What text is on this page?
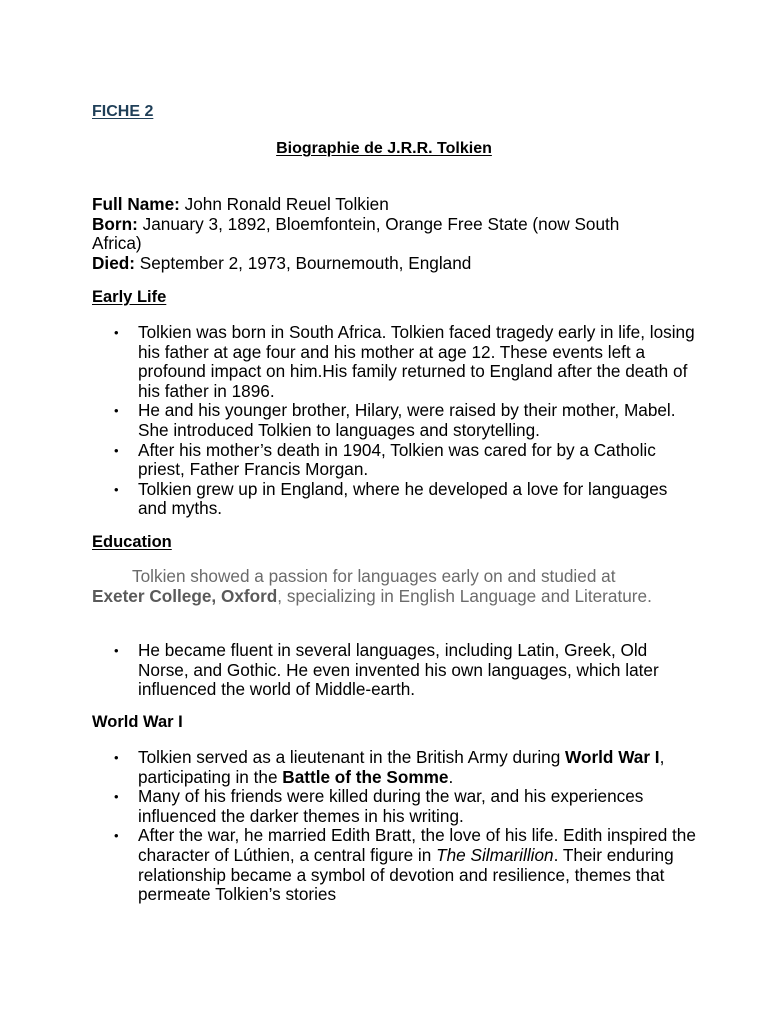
FICHE 2
Biographie de J.R.R. Tolkien
Full Name: John Ronald Reuel Tolkien
Born: January 3, 1892, Bloemfontein, Orange Free State (now South Africa)
Died: September 2, 1973, Bournemouth, England
Early Life
• Tolkien was born in South Africa. Tolkien faced tragedy early in life, losing his father at age four and his mother at age 12. These events left a profound impact on him.His family returned to England after the death of his father in 1896.
• He and his younger brother, Hilary, were raised by their mother, Mabel. She introduced Tolkien to languages and storytelling.
• After his mother’s death in 1904, Tolkien was cared for by a Catholic priest, Father Francis Morgan.
• Tolkien grew up in England, where he developed a love for languages and myths.
Education
Tolkien showed a passion for languages early on and studied at Exeter College, Oxford, specializing in English Language and Literature.
• He became fluent in several languages, including Latin, Greek, Old Norse, and Gothic. He even invented his own languages, which later influenced the world of Middle-earth.
World War I
• Tolkien served as a lieutenant in the British Army during World War I, participating in the Battle of the Somme.
• Many of his friends were killed during the war, and his experiences influenced the darker themes in his writing.
• After the war, he married Edith Bratt, the love of his life. Edith inspired the character of Lúthien, a central figure in The Silmarillion. Their enduring relationship became a symbol of devotion and resilience, themes that permeate Tolkien’s stories
